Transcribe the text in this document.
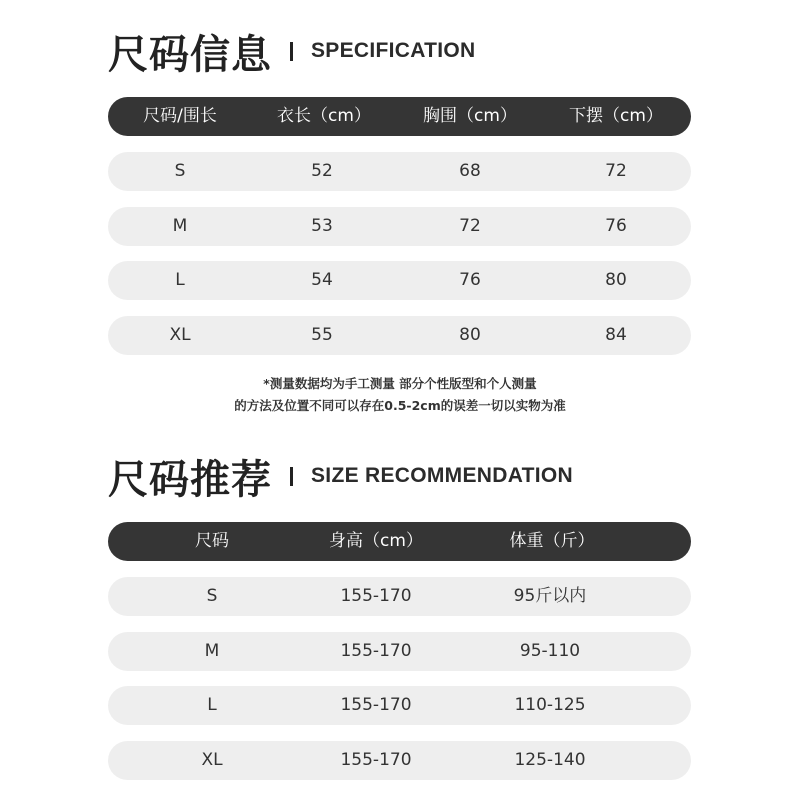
尺码信息 SPECIFICATION
尺码/围长	衣长（cm）	胸围（cm）	下摆（cm）
S	52	68	72
M	53	72	76
L	54	76	80
XL	55	80	84
*测量数据均为手工测量 部分个性版型和个人测量
的方法及位置不同可以存在0.5-2cm的误差一切以实物为准
尺码推荐 SIZE RECOMMENDATION
尺码	身高（cm）	体重（斤）
S	155-170	95斤以内
M	155-170	95-110
L	155-170	110-125
XL	155-170	125-140
